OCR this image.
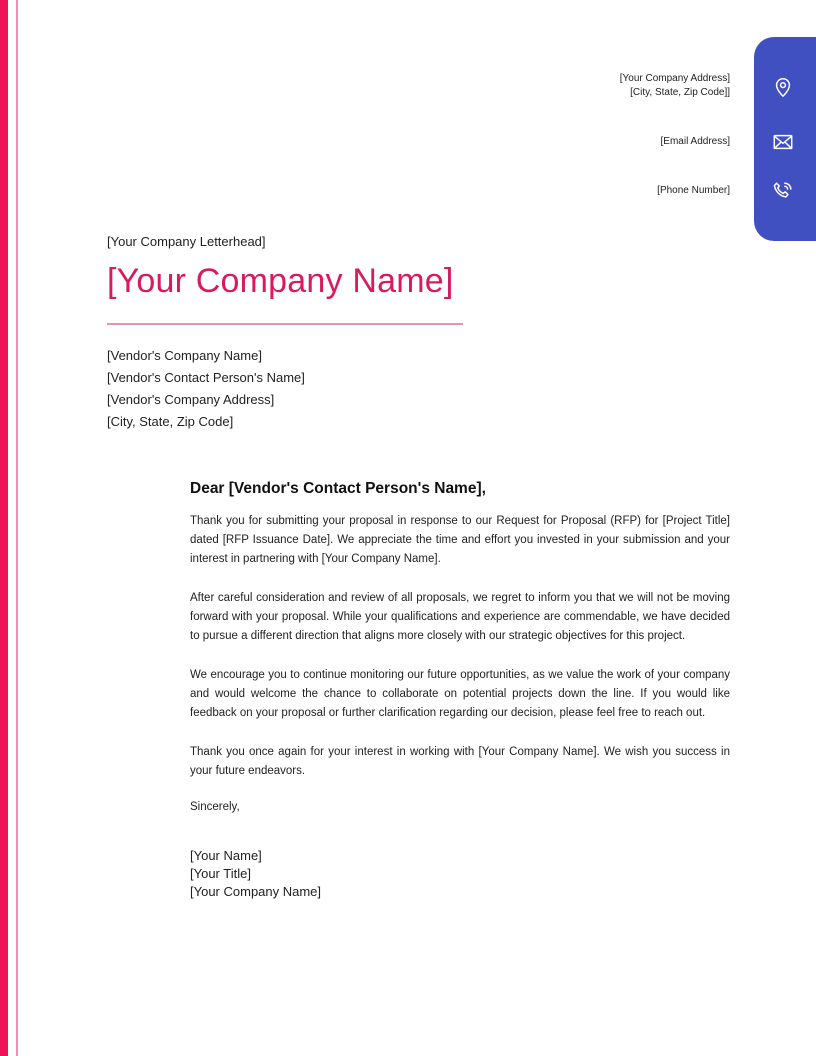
[Your Company Address]
[City, State, Zip Code]]
[Email Address]
[Phone Number]
[Your Company Letterhead]
[Your Company Name]
[Vendor's Company Name]
[Vendor's Contact Person's Name]
[Vendor's Company Address]
[City, State, Zip Code]
Dear [Vendor's Contact Person's Name],

Thank you for submitting your proposal in response to our Request for Proposal (RFP) for [Project Title] dated [RFP Issuance Date]. We appreciate the time and effort you invested in your submission and your interest in partnering with [Your Company Name].

After careful consideration and review of all proposals, we regret to inform you that we will not be moving forward with your proposal. While your qualifications and experience are commendable, we have decided to pursue a different direction that aligns more closely with our strategic objectives for this project.

We encourage you to continue monitoring our future opportunities, as we value the work of your company and would welcome the chance to collaborate on potential projects down the line. If you would like feedback on your proposal or further clarification regarding our decision, please feel free to reach out.

Thank you once again for your interest in working with [Your Company Name]. We wish you success in your future endeavors.

Sincerely,
[Your Name]
[Your Title]
[Your Company Name]
